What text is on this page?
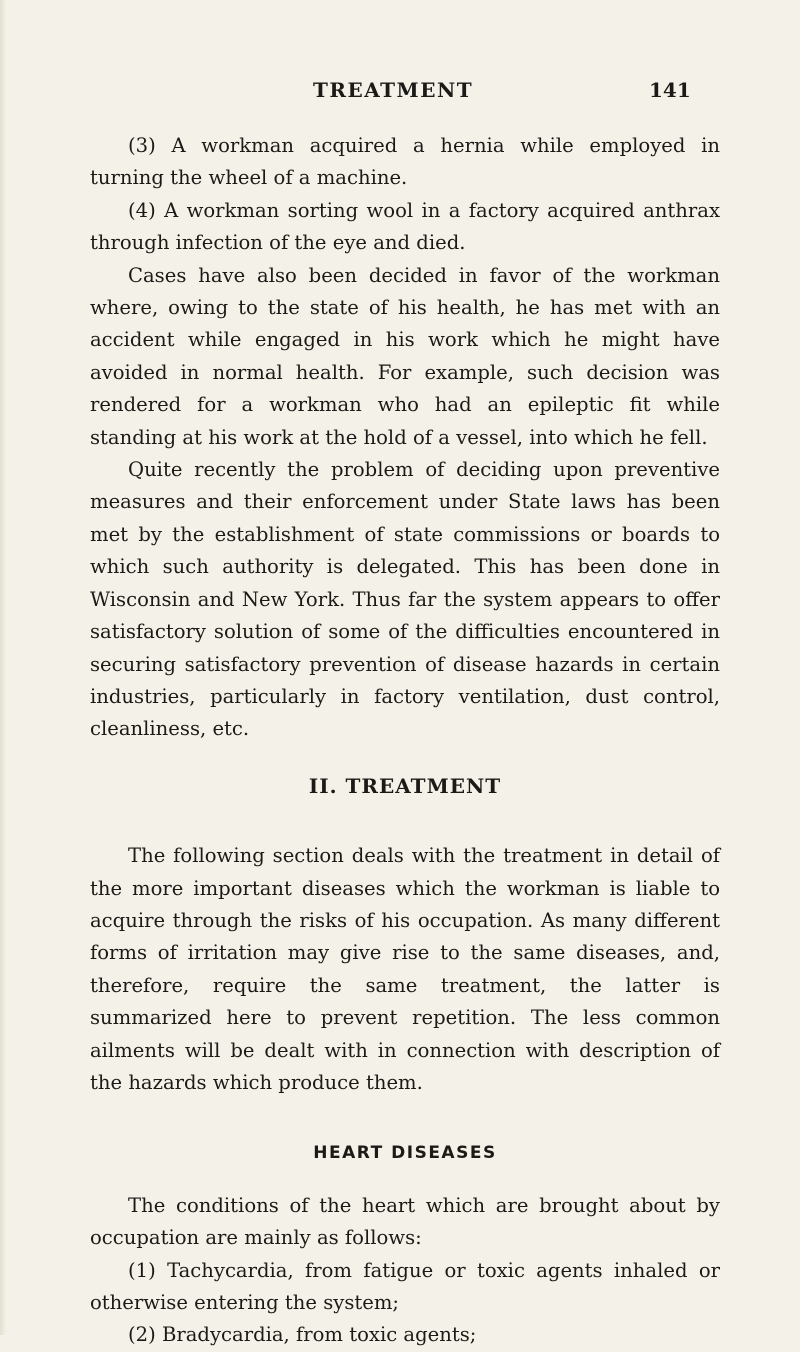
TREATMENT	141

(3) A workman acquired a hernia while employed in turning the wheel of a machine.

(4) A workman sorting wool in a factory acquired anthrax through infection of the eye and died.

Cases have also been decided in favor of the workman where, owing to the state of his health, he has met with an accident while engaged in his work which he might have avoided in normal health. For example, such decision was rendered for a workman who had an epileptic fit while standing at his work at the hold of a vessel, into which he fell.

Quite recently the problem of deciding upon preventive measures and their enforcement under State laws has been met by the establishment of state commissions or boards to which such authority is delegated. This has been done in Wisconsin and New York. Thus far the system appears to offer satisfactory solution of some of the difficulties encountered in securing satisfactory prevention of disease hazards in certain industries, particularly in factory ventilation, dust control, cleanliness, etc.

II. TREATMENT

The following section deals with the treatment in detail of the more important diseases which the workman is liable to acquire through the risks of his occupation. As many different forms of irritation may give rise to the same diseases, and, therefore, require the same treatment, the latter is summarized here to prevent repetition. The less common ailments will be dealt with in connection with description of the hazards which produce them.

HEART DISEASES

The conditions of the heart which are brought about by occupation are mainly as follows:

(1) Tachycardia, from fatigue or toxic agents inhaled or otherwise entering the system;

(2) Bradycardia, from toxic agents;
